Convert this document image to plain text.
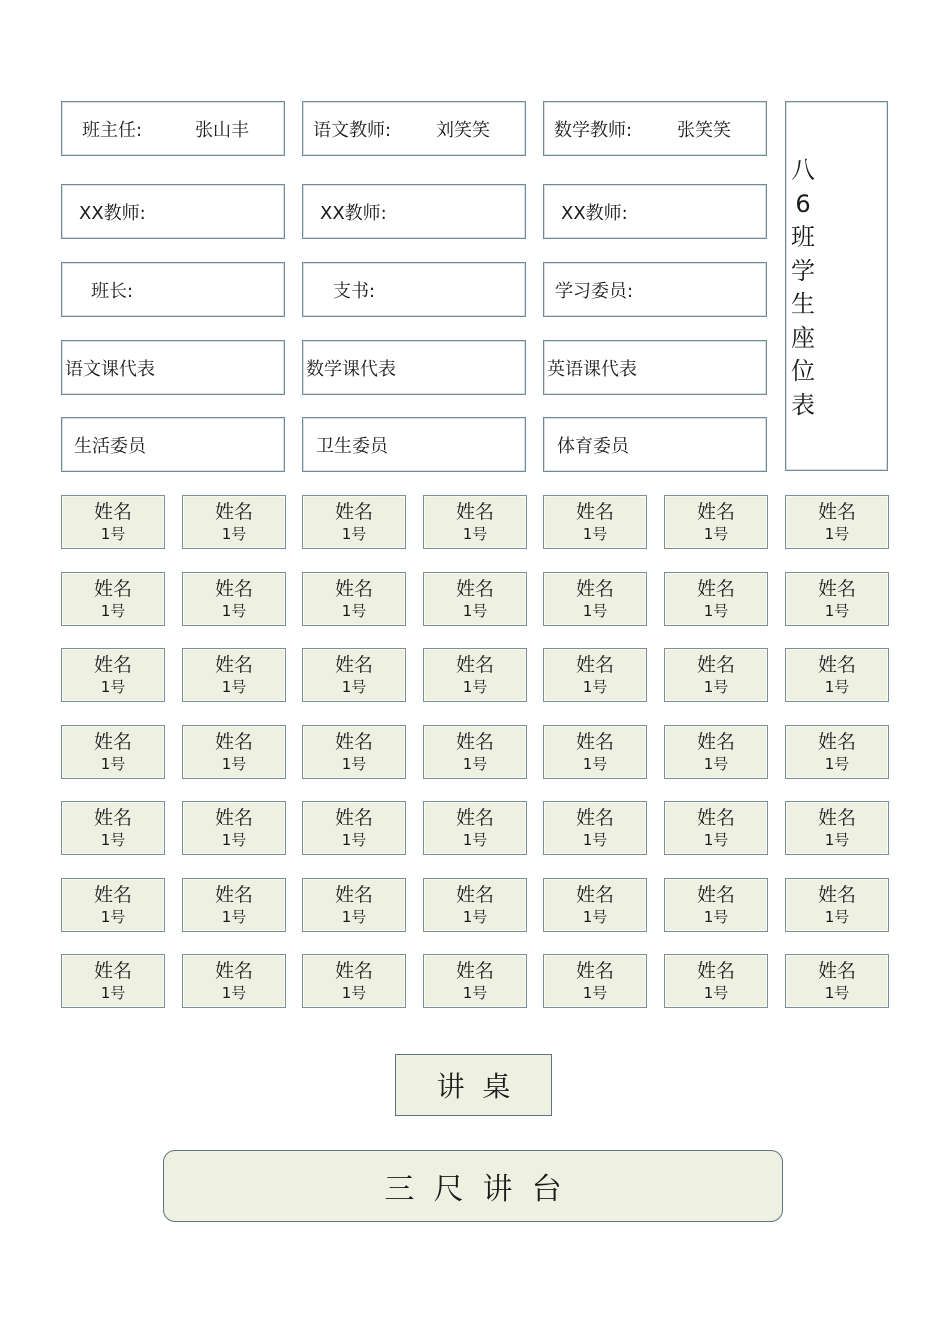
班主任:	张山丰	语文教师: 刘笑笑	数学教师: 张笑笑
XX教师:	XX教师:	XX教师:
班长:	支书:	学习委员:
语文课代表	数学课代表	英语课代表
生活委员	卫生委员	体育委员
八6班学生座位表
姓名
1号
姓名
1号
姓名
1号
姓名
1号
姓名
1号
姓名
1号
姓名
1号
姓名
1号
姓名
1号
姓名
1号
姓名
1号
姓名
1号
姓名
1号
姓名
1号
姓名
1号
姓名
1号
姓名
1号
姓名
1号
姓名
1号
姓名
1号
姓名
1号
姓名
1号
姓名
1号
姓名
1号
姓名
1号
姓名
1号
姓名
1号
姓名
1号
姓名
1号
姓名
1号
姓名
1号
姓名
1号
姓名
1号
姓名
1号
姓名
1号
姓名
1号
姓名
1号
姓名
1号
姓名
1号
姓名
1号
姓名
1号
姓名
1号
姓名
1号
姓名
1号
姓名
1号
姓名
1号
姓名
1号
姓名
1号
姓名
1号
讲  桌
三  尺  讲  台
